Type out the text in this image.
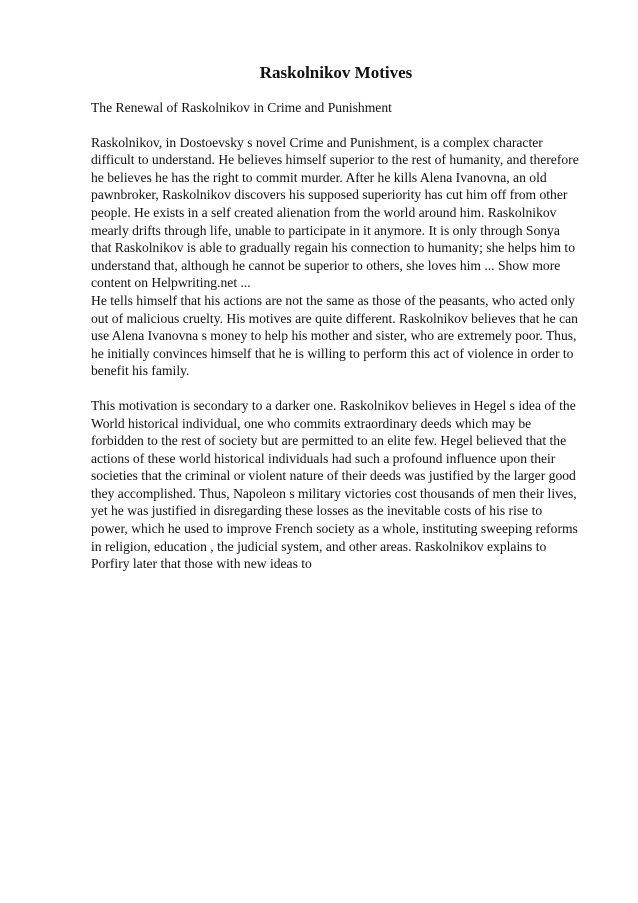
Raskolnikov Motives

The Renewal of Raskolnikov in Crime and Punishment

Raskolnikov, in Dostoevsky s novel Crime and Punishment, is a complex character difficult to understand. He believes himself superior to the rest of humanity, and therefore he believes he has the right to commit murder. After he kills Alena Ivanovna, an old pawnbroker, Raskolnikov discovers his supposed superiority has cut him off from other people. He exists in a self created alienation from the world around him. Raskolnikov mearly drifts through life, unable to participate in it anymore. It is only through Sonya that Raskolnikov is able to gradually regain his connection to humanity; she helps him to understand that, although he cannot be superior to others, she loves him ... Show more content on Helpwriting.net ...

He tells himself that his actions are not the same as those of the peasants, who acted only out of malicious cruelty. His motives are quite different. Raskolnikov believes that he can use Alena Ivanovna s money to help his mother and sister, who are extremely poor. Thus, he initially convinces himself that he is willing to perform this act of violence in order to benefit his family.

This motivation is secondary to a darker one. Raskolnikov believes in Hegel s idea of the World historical individual, one who commits extraordinary deeds which may be forbidden to the rest of society but are permitted to an elite few. Hegel believed that the actions of these world historical individuals had such a profound influence upon their societies that the criminal or violent nature of their deeds was justified by the larger good they accomplished. Thus, Napoleon s military victories cost thousands of men their lives, yet he was justified in disregarding these losses as the inevitable costs of his rise to power, which he used to improve French society as a whole, instituting sweeping reforms in religion, education , the judicial system, and other areas. Raskolnikov explains to Porfiry later that those with new ideas to
